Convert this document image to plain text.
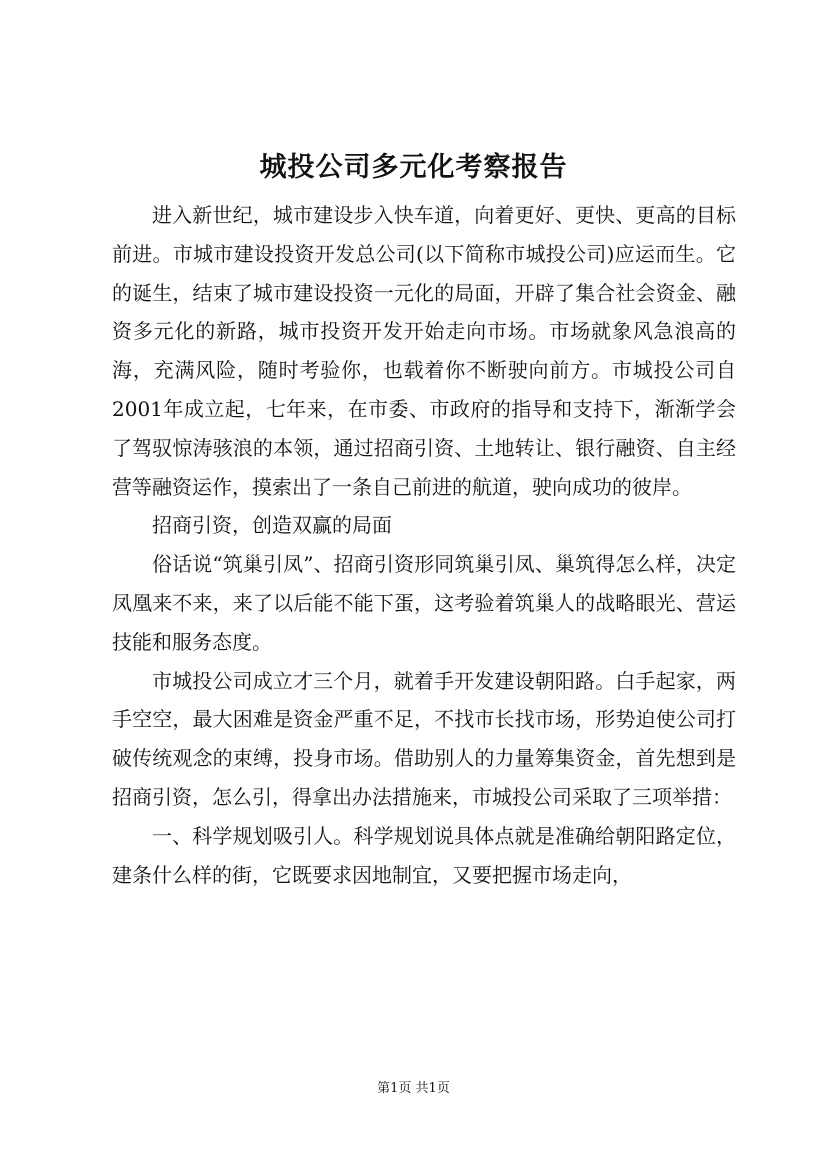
城投公司多元化考察报告

进入新世纪，城市建设步入快车道，向着更好、更快、更高的目标前进。市城市建设投资开发总公司(以下简称市城投公司)应运而生。它的诞生，结束了城市建设投资一元化的局面，开辟了集合社会资金、融资多元化的新路，城市投资开发开始走向市场。市场就象风急浪高的海，充满风险，随时考验你，也载着你不断驶向前方。市城投公司自2001年成立起，七年来，在市委、市政府的指导和支持下，渐渐学会了驾驭惊涛骇浪的本领，通过招商引资、土地转让、银行融资、自主经营等融资运作，摸索出了一条自己前进的航道，驶向成功的彼岸。

招商引资，创造双赢的局面

俗话说“筑巢引凤”、招商引资形同筑巢引凤、巢筑得怎么样，决定凤凰来不来，来了以后能不能下蛋，这考验着筑巢人的战略眼光、营运技能和服务态度。

市城投公司成立才三个月，就着手开发建设朝阳路。白手起家，两手空空，最大困难是资金严重不足，不找市长找市场，形势迫使公司打破传统观念的束缚，投身市场。借助别人的力量筹集资金，首先想到是招商引资，怎么引，得拿出办法措施来，市城投公司采取了三项举措：

一、科学规划吸引人。科学规划说具体点就是准确给朝阳路定位，建条什么样的街，它既要求因地制宜，又要把握市场走向，

第1页 共1页
